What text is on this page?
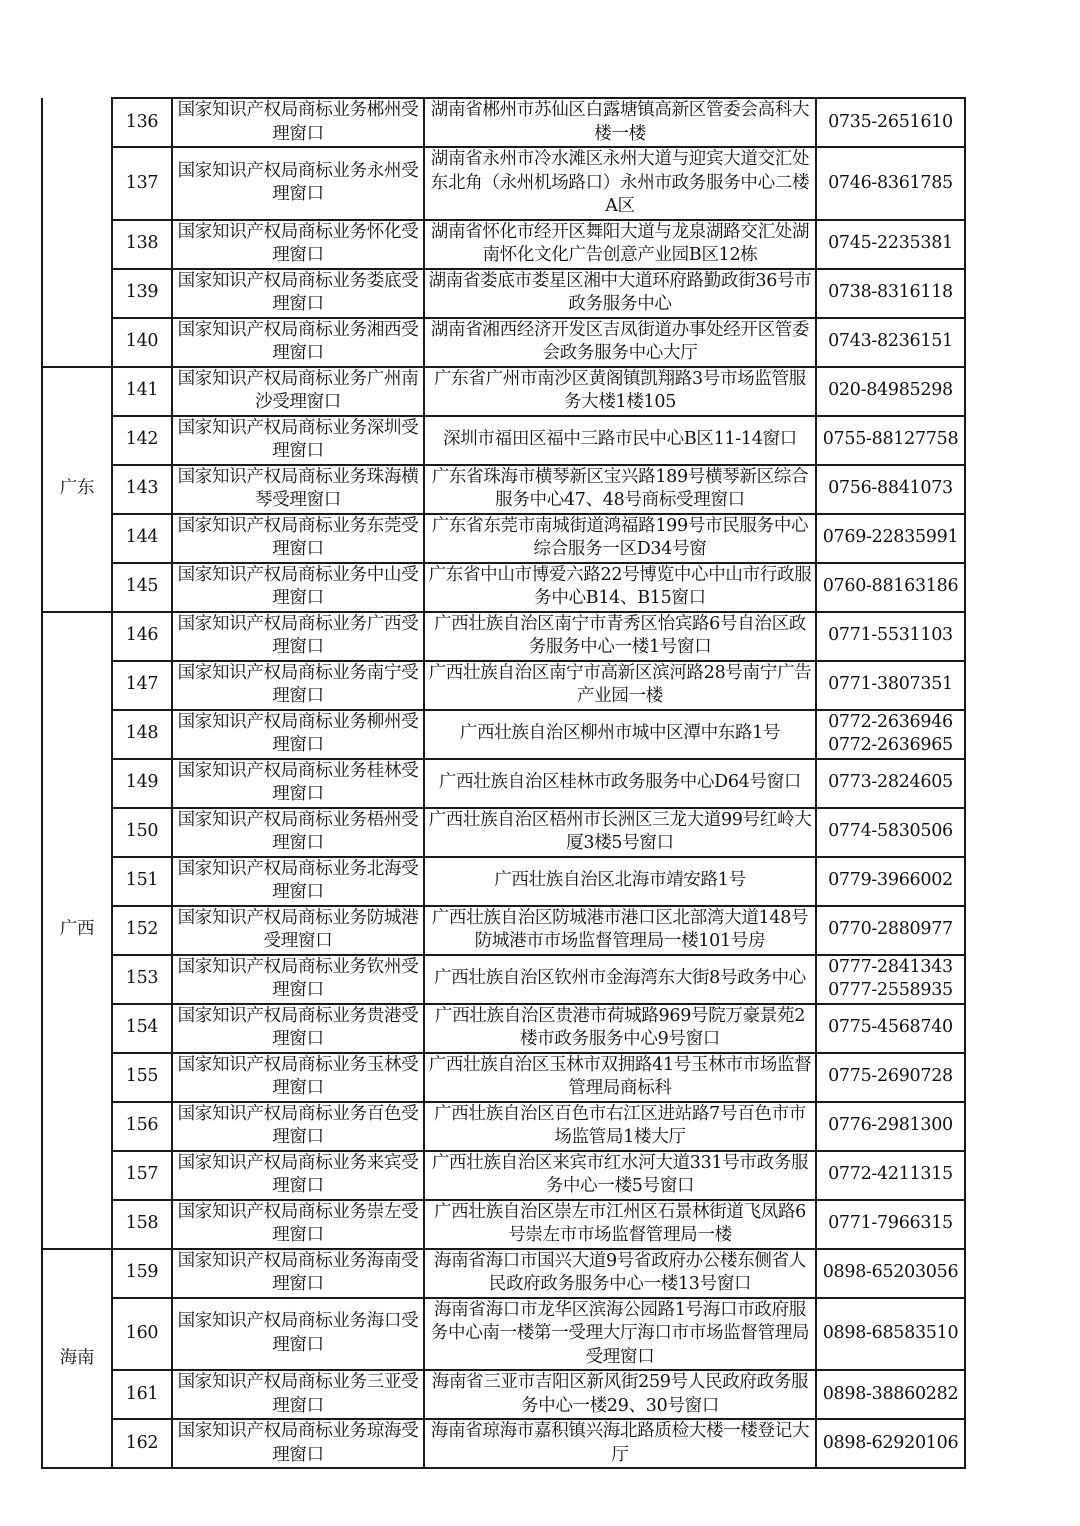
	136	国家知识产权局商标业务郴州受理窗口	湖南省郴州市苏仙区白露塘镇高新区管委会高科大楼一楼	0735-2651610

	137	国家知识产权局商标业务永州受理窗口	湖南省永州市冷水滩区永州大道与迎宾大道交汇处东北角（永州机场路口）永州市政务服务中心二楼A区	0746-8361785

	138	国家知识产权局商标业务怀化受理窗口	湖南省怀化市经开区舞阳大道与龙泉湖路交汇处湖南怀化文化广告创意产业园B区12栋	0745-2235381

	139	国家知识产权局商标业务娄底受理窗口	湖南省娄底市娄星区湘中大道环府路勤政街36号市政务服务中心	0738-8316118

	140	国家知识产权局商标业务湘西受理窗口	湖南省湘西经济开发区吉凤街道办事处经开区管委会政务服务中心大厅	0743-8236151

广东	141	国家知识产权局商标业务广州南沙受理窗口	广东省广州市南沙区黄阁镇凯翔路3号市场监管服务大楼1楼105	020-84985298

	142	国家知识产权局商标业务深圳受理窗口	深圳市福田区福中三路市民中心B区11-14窗口	0755-88127758

	143	国家知识产权局商标业务珠海横琴受理窗口	广东省珠海市横琴新区宝兴路189号横琴新区综合服务中心47、48号商标受理窗口	0756-8841073

	144	国家知识产权局商标业务东莞受理窗口	广东省东莞市南城街道鸿福路199号市民服务中心综合服务一区D34号窗	0769-22835991

	145	国家知识产权局商标业务中山受理窗口	广东省中山市博爱六路22号博览中心中山市行政服务中心B14、B15窗口	0760-88163186

广西	146	国家知识产权局商标业务广西受理窗口	广西壮族自治区南宁市青秀区怡宾路6号自治区政务服务中心一楼1号窗口	0771-5531103

	147	国家知识产权局商标业务南宁受理窗口	广西壮族自治区南宁市高新区滨河路28号南宁广告产业园一楼	0771-3807351

	148	国家知识产权局商标业务柳州受理窗口	广西壮族自治区柳州市城中区潭中东路1号	0772-2636946
0772-2636965

	149	国家知识产权局商标业务桂林受理窗口	广西壮族自治区桂林市政务服务中心D64号窗口	0773-2824605

	150	国家知识产权局商标业务梧州受理窗口	广西壮族自治区梧州市长洲区三龙大道99号红岭大厦3楼5号窗口	0774-5830506

	151	国家知识产权局商标业务北海受理窗口	广西壮族自治区北海市靖安路1号	0779-3966002

	152	国家知识产权局商标业务防城港受理窗口	广西壮族自治区防城港市港口区北部湾大道148号防城港市市场监督管理局一楼101号房	0770-2880977

	153	国家知识产权局商标业务钦州受理窗口	广西壮族自治区钦州市金海湾东大街8号政务中心	0777-2841343
0777-2558935

	154	国家知识产权局商标业务贵港受理窗口	广西壮族自治区贵港市荷城路969号院万豪景苑2楼市政务服务中心9号窗口	0775-4568740

	155	国家知识产权局商标业务玉林受理窗口	广西壮族自治区玉林市双拥路41号玉林市市场监督管理局商标科	0775-2690728

	156	国家知识产权局商标业务百色受理窗口	广西壮族自治区百色市右江区进站路7号百色市市场监管局1楼大厅	0776-2981300

	157	国家知识产权局商标业务来宾受理窗口	广西壮族自治区来宾市红水河大道331号市政务服务中心一楼5号窗口	0772-4211315

	158	国家知识产权局商标业务崇左受理窗口	广西壮族自治区崇左市江州区石景林街道飞凤路6号崇左市市场监督管理局一楼	0771-7966315

海南	159	国家知识产权局商标业务海南受理窗口	海南省海口市国兴大道9号省政府办公楼东侧省人民政府政务服务中心一楼13号窗口	0898-65203056

	160	国家知识产权局商标业务海口受理窗口	海南省海口市龙华区滨海公园路1号海口市政府服务中心南一楼第一受理大厅海口市市场监督管理局受理窗口	0898-68583510

	161	国家知识产权局商标业务三亚受理窗口	海南省三亚市吉阳区新风街259号人民政府政务服务中心一楼29、30号窗口	0898-38860282

	162	国家知识产权局商标业务琼海受理窗口	海南省琼海市嘉积镇兴海北路质检大楼一楼登记大厅	0898-62920106
